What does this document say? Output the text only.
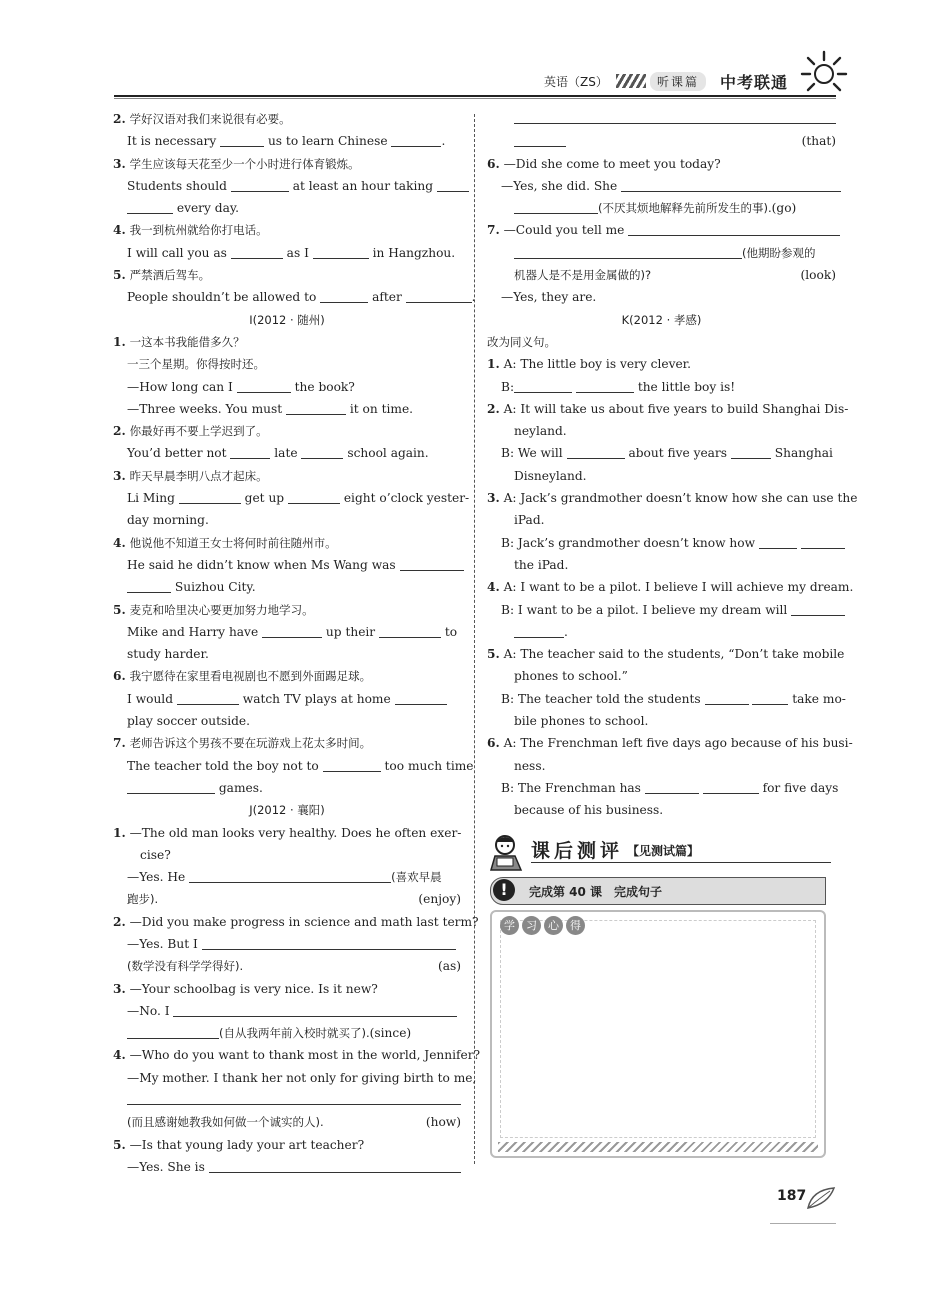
英语（ZS）	听课篇	中考联通
2. 学好汉语对我们来说很有必要。
It is necessary	us to learn Chinese	.
3. 学生应该每天花至少一个小时进行体育锻炼。
Students should	at least an hour taking
every day.
4. 我一到杭州就给你打电话。
I will call you as	as I	in Hangzhou.
5. 严禁酒后驾车。
People shouldn’t be allowed to	after	.
I(2012 · 随州)
1. 一这本书我能借多久？
一三个星期。你得按时还。
—How long can I	the book?
—Three weeks. You must	it on time.
2. 你最好再不要上学迟到了。
You’d better not	late	school again.
3. 昨天早晨李明八点才起床。
Li Ming	get up	eight o’clock yester-
day morning.
4. 他说他不知道王女士将何时前往随州市。
He said he didn’t know when Ms Wang was
Suizhou City.
5. 麦克和哈里决心要更加努力地学习。
Mike and Harry have	up their	to
study harder.
6. 我宁愿待在家里看电视剧也不愿到外面踢足球。
I would	watch TV plays at home
play soccer outside.
7. 老师告诉这个男孩不要在玩游戏上花太多时间。
The teacher told the boy not to	too much time
games.
J(2012 · 襄阳)
1. —The old man looks very healthy. Does he often exer-
cise?
—Yes. He	(喜欢早晨
跑步).	(enjoy)
2. —Did you make progress in science and math last term?
—Yes. But I
(数学没有科学学得好).	(as)
3. —Your schoolbag is very nice. Is it new?
—No. I
(自从我两年前入校时就买了).(since)
4. —Who do you want to thank most in the world, Jennifer?
—My mother. I thank her not only for giving birth to me,
(而且感谢她教我如何做一个诚实的人).	(how)
5. —Is that young lady your art teacher?
—Yes. She is
(that)
6. —Did she come to meet you today?
—Yes, she did. She
(不厌其烦地解释先前所发生的事).(go)
7. —Could you tell me
(他期盼参观的
机器人是不是用金属做的)?	(look)
—Yes, they are.
K(2012 · 孝感)
改为同义句。
1. A: The little boy is very clever.
B:	the little boy is!
2. A: It will take us about five years to build Shanghai Dis-
neyland.
B: We will	about five years	Shanghai
Disneyland.
3. A: Jack’s grandmother doesn’t know how she can use the
iPad.
B: Jack’s grandmother doesn’t know how
the iPad.
4. A: I want to be a pilot. I believe I will achieve my dream.
B: I want to be a pilot. I believe my dream will
.
5. A: The teacher said to the students, “Don’t take mobile
phones to school.”
B: The teacher told the students	take mo-
bile phones to school.
6. A: The Frenchman left five days ago because of his busi-
ness.
B: The Frenchman has	for five days
because of his business.
课后测评 【见测试篇】
!	完成第 40 课　完成句子
学	习	心	得
187
